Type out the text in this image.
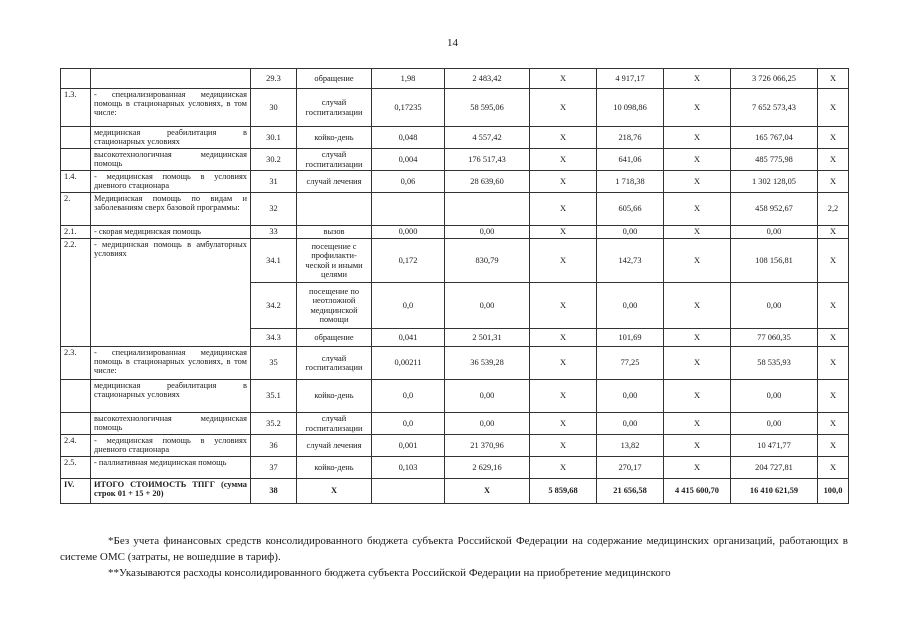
14
		29.3	обращение	1,98	2 483,42	Х	4 917,17	Х	3 726 066,25	Х
1.3.	- специализированная медицинская помощь в стационарных условиях, в том числе:	30	случай госпитализации	0,17235	58 595,06	Х	10 098,86	Х	7 652 573,43	Х
	медицинская реабилитация в стационарных условиях	30.1	койко-день	0,048	4 557,42	Х	218,76	Х	165 767,04	Х
	высокотехнологичная медицинская помощь	30.2	случай госпитализации	0,004	176 517,43	Х	641,06	Х	485 775,98	Х
1.4.	- медицинская помощь в условиях дневного стационара	31	случай лечения	0,06	28 639,60	Х	1 718,38	Х	1 302 128,05	Х
2.	Медицинская помощь по видам и заболеваниям сверх базовой программы:	32				Х	605,66	Х	458 952,67	2,2
2.1.	- скорая медицинская помощь	33	вызов	0,000	0,00	Х	0,00	Х	0,00	Х
2.2.	- медицинская помощь в амбулаторных условиях	34.1	посещение с профилакти-ческой и иными целями	0,172	830,79	Х	142,73	Х	108 156,81	Х
		34.2	посещение по неотложной медицинской помощи	0,0	0,00	Х	0,00	Х	0,00	Х
		34.3	обращение	0,041	2 501,31	Х	101,69	Х	77 060,35	Х
2.3.	- специализированная медицинская помощь в стационарных условиях, в том числе:	35	случай госпитализации	0,00211	36 539,28	Х	77,25	Х	58 535,93	Х
	медицинская реабилитация в стационарных условиях	35.1	койко-день	0,0	0,00	Х	0,00	Х	0,00	Х
	высокотехнологичная медицинская помощь	35.2	случай госпитализации	0,0	0,00	Х	0,00	Х	0,00	Х
2.4.	- медицинская помощь в условиях дневного стационара	36	случай лечения	0,001	21 370,96	Х	13,82	Х	10 471,77	Х
2.5.	- паллиативная медицинская помощь	37	койко-день	0,103	2 629,16	Х	270,17	Х	204 727,81	Х
IV.	ИТОГО СТОИМОСТЬ ТПГГ (сумма строк 01 + 15 + 20)	38	Х		Х	5 859,68	21 656,58	4 415 600,70	16 410 621,59	100,0

*Без учета финансовых средств консолидированного бюджета субъекта Российской Федерации на содержание медицинских организаций, работающих в системе ОМС (затраты, не вошедшие в тариф).

**Указываются расходы консолидированного бюджета субъекта Российской Федерации на приобретение медицинского
